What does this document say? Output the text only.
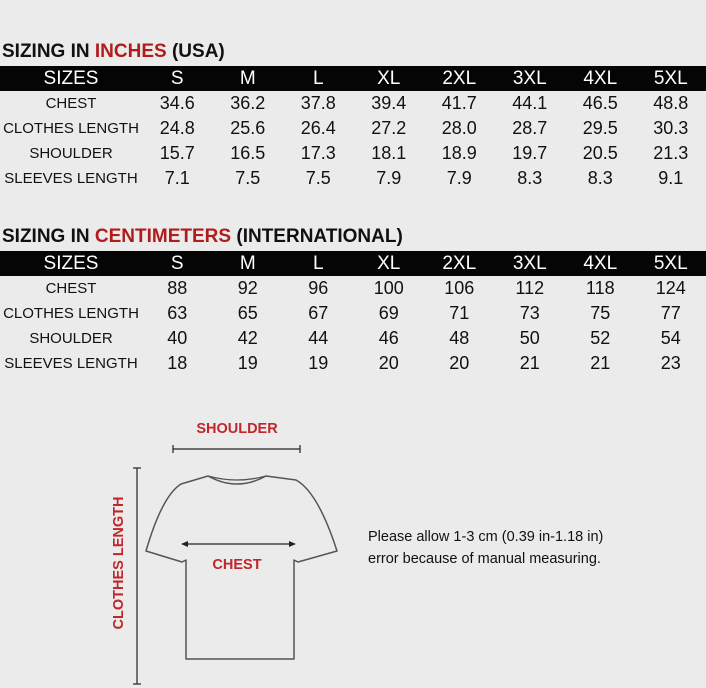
SIZING IN INCHES (USA)
SIZES	S	M	L	XL	2XL	3XL	4XL	5XL
CHEST	34.6	36.2	37.8	39.4	41.7	44.1	46.5	48.8
CLOTHES LENGTH	24.8	25.6	26.4	27.2	28.0	28.7	29.5	30.3
SHOULDER	15.7	16.5	17.3	18.1	18.9	19.7	20.5	21.3
SLEEVES LENGTH	7.1	7.5	7.5	7.9	7.9	8.3	8.3	9.1
SIZING IN CENTIMETERS (INTERNATIONAL)
SIZES	S	M	L	XL	2XL	3XL	4XL	5XL
CHEST	88	92	96	100	106	112	118	124
CLOTHES LENGTH	63	65	67	69	71	73	75	77
SHOULDER	40	42	44	46	48	50	52	54
SLEEVES LENGTH	18	19	19	20	20	21	21	23
SHOULDER
CHEST
CLOTHES LENGTH	Please allow 1-3 cm (0.39 in-1.18 in)
error because of manual measuring.
